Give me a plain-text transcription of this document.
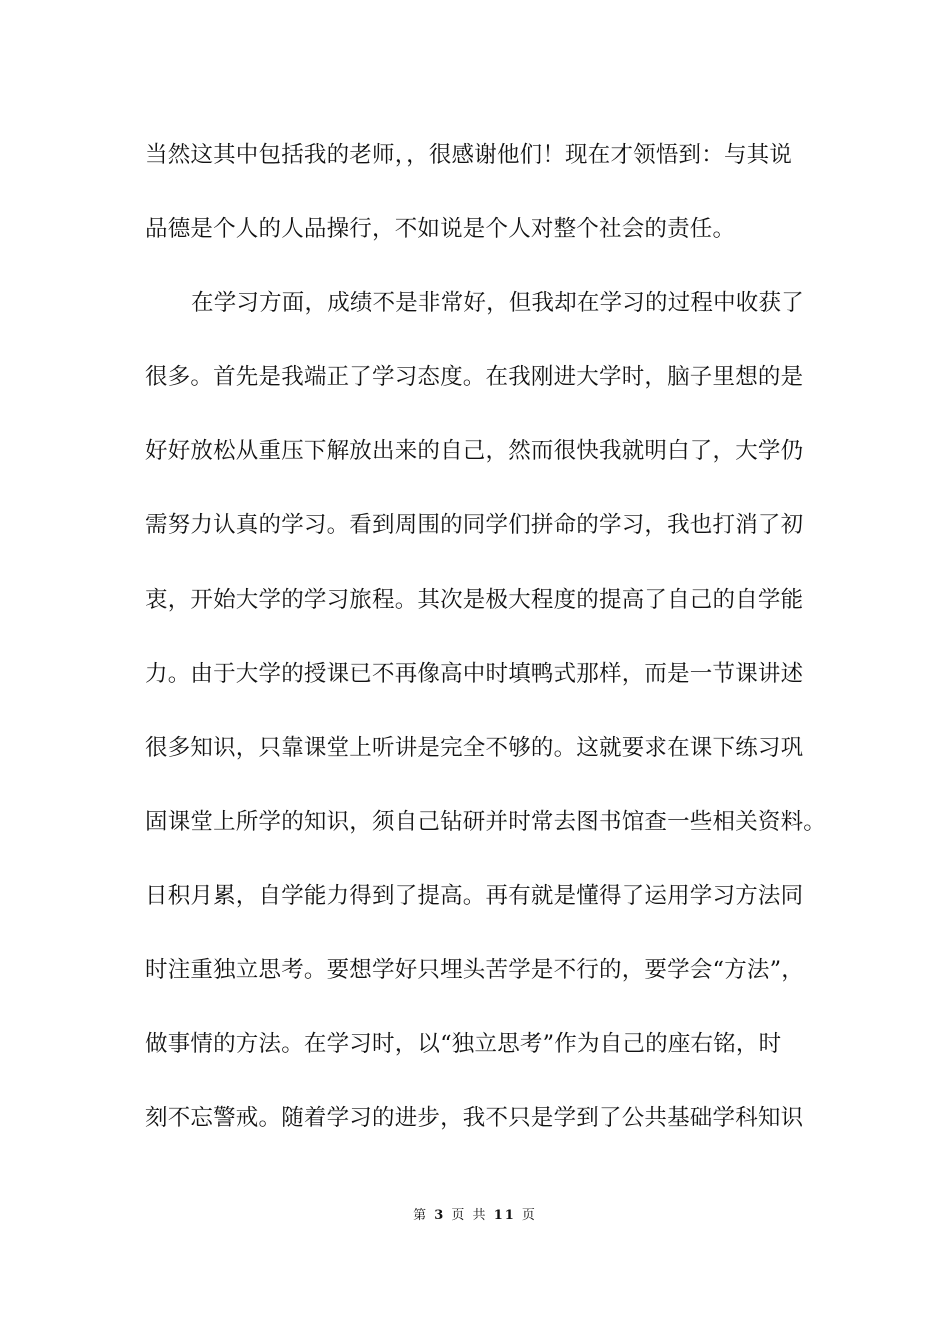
当然这其中包括我的老师，，很感谢他们！现在才领悟到：与其说
品德是个人的人品操行，不如说是个人对整个社会的责任。
在学习方面，成绩不是非常好，但我却在学习的过程中收获了
很多。首先是我端正了学习态度。在我刚进大学时，脑子里想的是
好好放松从重压下解放出来的自己，然而很快我就明白了，大学仍
需努力认真的学习。看到周围的同学们拼命的学习，我也打消了初
衷，开始大学的学习旅程。其次是极大程度的提高了自己的自学能
力。由于大学的授课已不再像高中时填鸭式那样，而是一节课讲述
很多知识，只靠课堂上听讲是完全不够的。这就要求在课下练习巩
固课堂上所学的知识，须自己钻研并时常去图书馆查一些相关资料。
日积月累，自学能力得到了提高。再有就是懂得了运用学习方法同
时注重独立思考。要想学好只埋头苦学是不行的，要学会“方法”，
做事情的方法。在学习时，以“独立思考”作为自己的座右铭，时
刻不忘警戒。随着学习的进步，我不只是学到了公共基础学科知识
第 3 页 共 11 页
